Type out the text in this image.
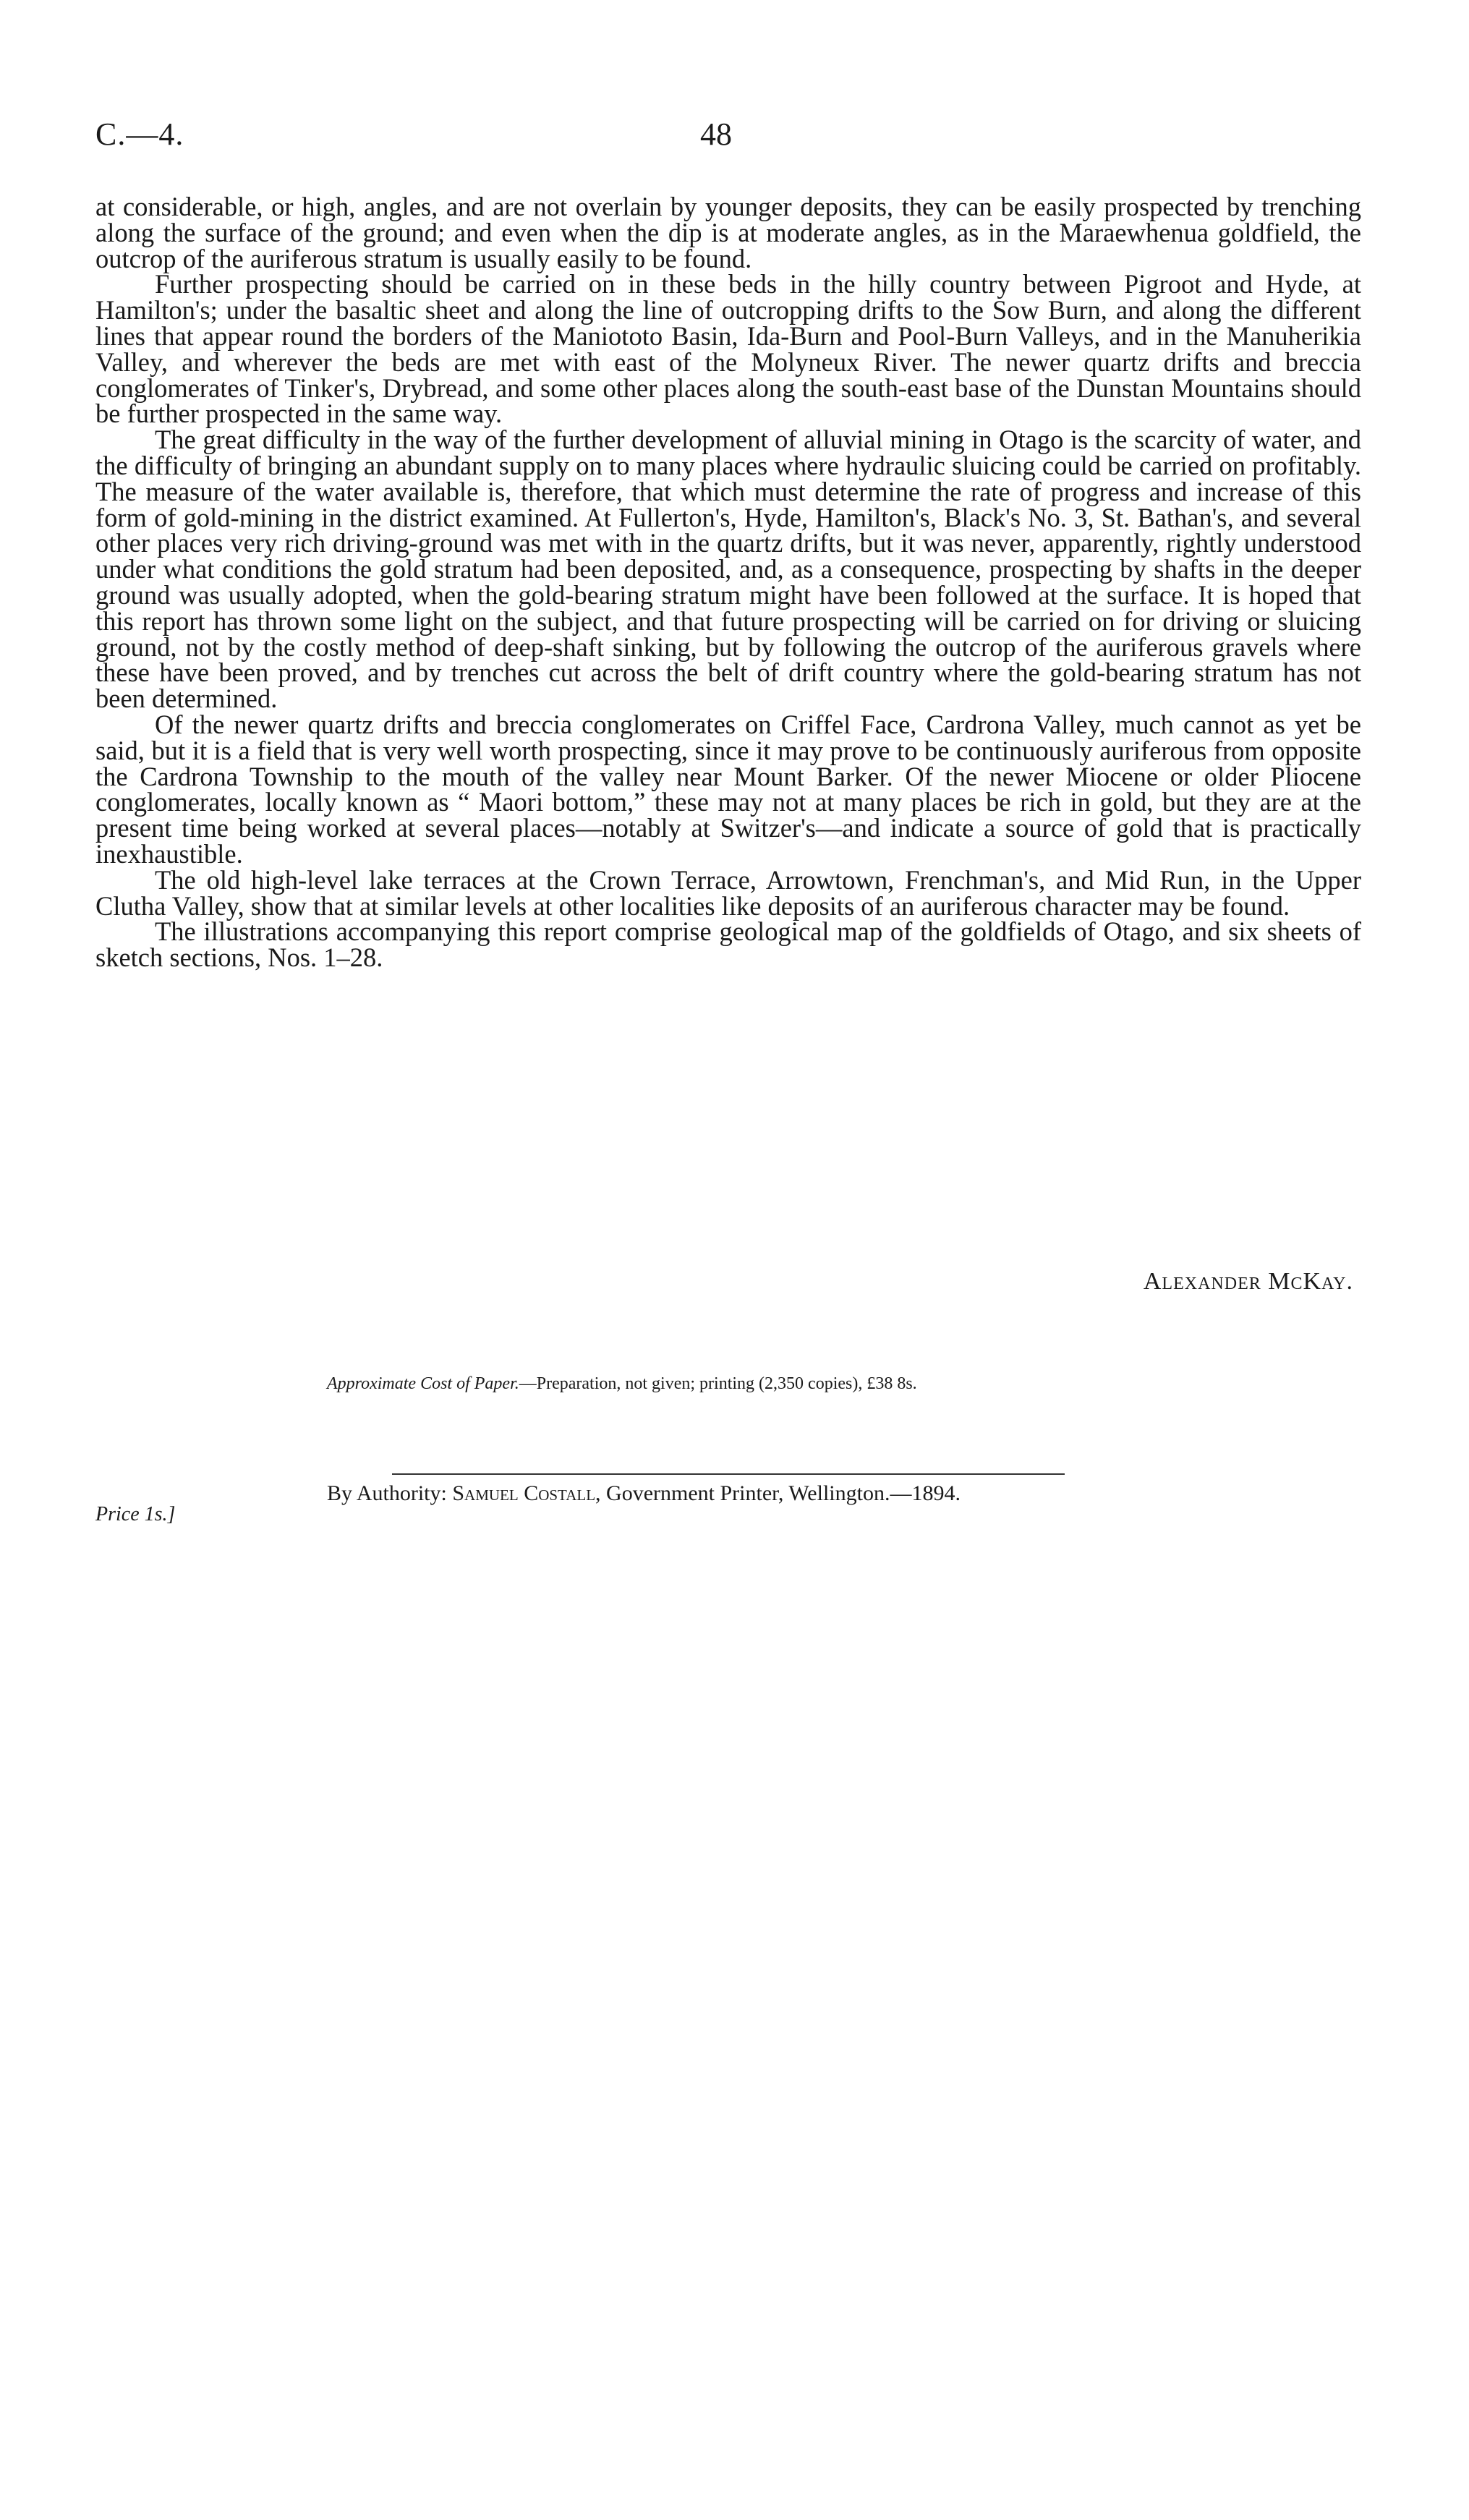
C.—4.	48

at considerable, or high, angles, and are not overlain by younger deposits, they can be easily prospected by trenching along the surface of the ground; and even when the dip is at moderate angles, as in the Maraewhenua goldfield, the outcrop of the auriferous stratum is usually easily to be found.

Further prospecting should be carried on in these beds in the hilly country between Pigroot and Hyde, at Hamilton's; under the basaltic sheet and along the line of outcropping drifts to the Sow Burn, and along the different lines that appear round the borders of the Maniototo Basin, Ida-Burn and Pool-Burn Valleys, and in the Manuherikia Valley, and wherever the beds are met with east of the Molyneux River. The newer quartz drifts and breccia conglomerates of Tinker's, Drybread, and some other places along the south-east base of the Dunstan Mountains should be further prospected in the same way.

The great difficulty in the way of the further development of alluvial mining in Otago is the scarcity of water, and the difficulty of bringing an abundant supply on to many places where hydraulic sluicing could be carried on profitably. The measure of the water available is, therefore, that which must determine the rate of progress and increase of this form of gold-mining in the district examined. At Fullerton's, Hyde, Hamilton's, Black's No. 3, St. Bathan's, and several other places very rich driving-ground was met with in the quartz drifts, but it was never, apparently, rightly understood under what conditions the gold stratum had been deposited, and, as a consequence, prospecting by shafts in the deeper ground was usually adopted, when the gold-bearing stratum might have been followed at the surface. It is hoped that this report has thrown some light on the subject, and that future prospecting will be carried on for driving or sluicing ground, not by the costly method of deep-shaft sinking, but by following the outcrop of the auriferous gravels where these have been proved, and by trenches cut across the belt of drift country where the gold-bearing stratum has not been determined.

Of the newer quartz drifts and breccia conglomerates on Criffel Face, Cardrona Valley, much cannot as yet be said, but it is a field that is very well worth prospecting, since it may prove to be continuously auriferous from opposite the Cardrona Township to the mouth of the valley near Mount Barker. Of the newer Miocene or older Pliocene conglomerates, locally known as “ Maori bottom,” these may not at many places be rich in gold, but they are at the present time being worked at several places—notably at Switzer's—and indicate a source of gold that is practically inexhaustible.

The old high-level lake terraces at the Crown Terrace, Arrowtown, Frenchman's, and Mid Run, in the Upper Clutha Valley, show that at similar levels at other localities like deposits of an auriferous character may be found.

The illustrations accompanying this report comprise geological map of the goldfields of Otago, and six sheets of sketch sections, Nos. 1–28.

Alexander McKay.
Approximate Cost of Paper.—Preparation, not given; printing (2,350 copies), £38 8s.
By Authority: Samuel Costall, Government Printer, Wellington.—1894.
Price 1s.]
